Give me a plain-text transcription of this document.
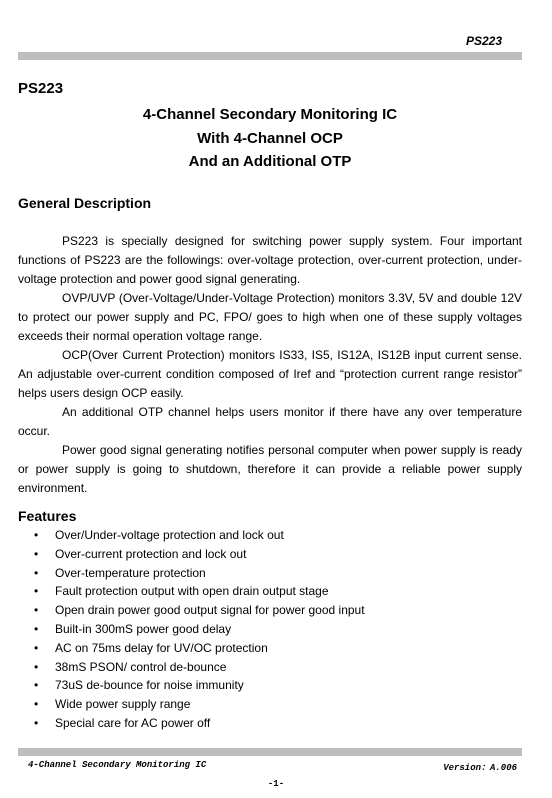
PS223
PS223
4-Channel Secondary Monitoring IC
With 4-Channel OCP
And an Additional OTP
General Description

PS223 is specially designed for switching power supply system. Four important functions of PS223 are the followings: over-voltage protection, over-current protection, under-voltage protection and power good signal generating.

OVP/UVP (Over-Voltage/Under-Voltage Protection) monitors 3.3V, 5V and double 12V to protect our power supply and PC, FPO/ goes to high when one of these supply voltages exceeds their normal operation voltage range.

OCP(Over Current Protection) monitors IS33, IS5, IS12A, IS12B input current sense. An adjustable over-current condition composed of Iref and “protection current range resistor” helps users design OCP easily.

An additional OTP channel helps users monitor if there have any over temperature occur.

Power good signal generating notifies personal computer when power supply is ready or power supply is going to shutdown, therefore it can provide a reliable power supply environment.

Features
• Over/Under-voltage protection and lock out
• Over-current protection and lock out
• Over-temperature protection
• Fault protection output with open drain output stage
• Open drain power good output signal for power good input
• Built-in 300mS power good delay
• AC on 75ms delay for UV/OC protection
• 38mS PSON/ control de-bounce
• 73uS de-bounce for noise immunity
• Wide power supply range
• Special care for AC power off
4-Channel Secondary Monitoring IC	Version：A.006
-1-
